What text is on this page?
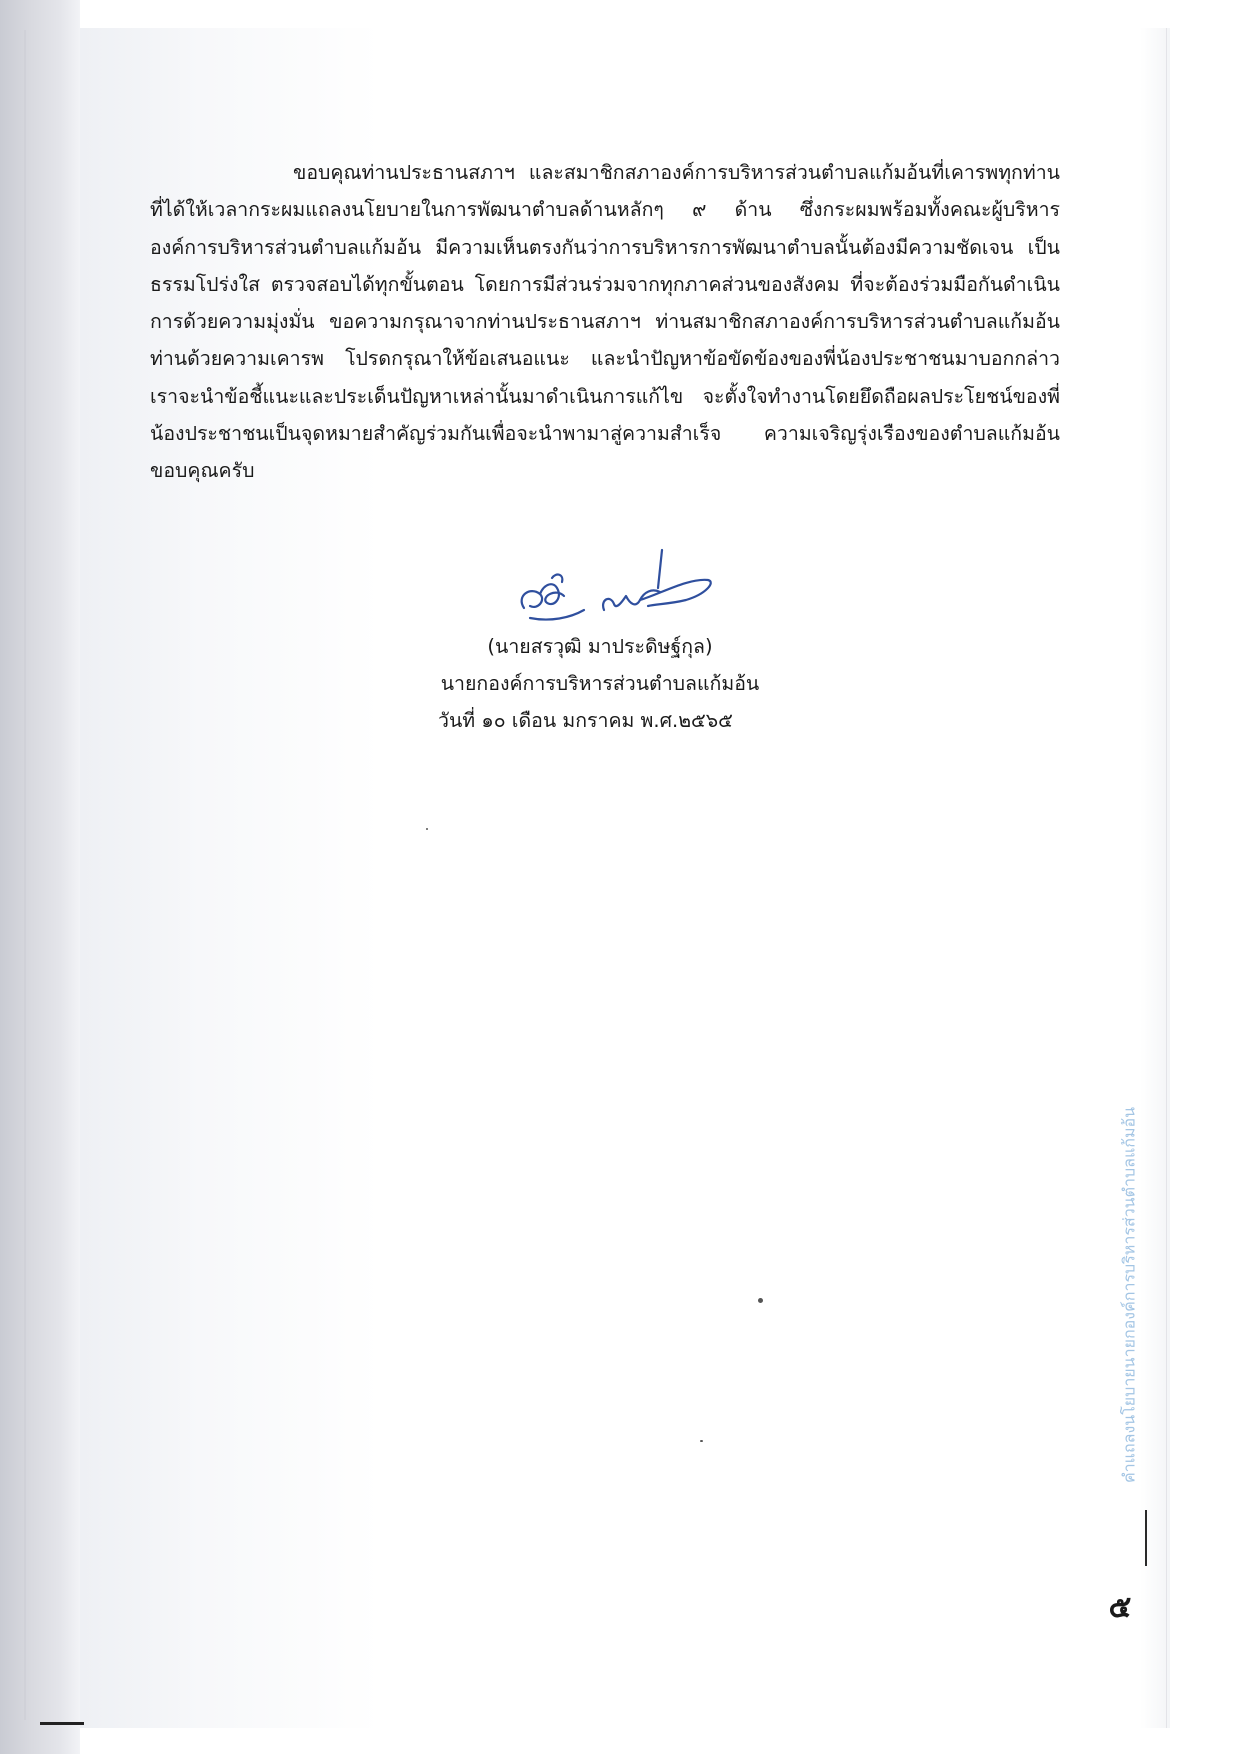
ขอบคุณท่านประธานสภาฯ และสมาชิกสภาองค์การบริหารส่วนตำบลแก้มอ้นที่เคารพทุกท่าน ที่ได้ให้เวลากระผมแถลงนโยบายในการพัฒนาตำบลด้านหลักๆ ๙ ด้าน ซึ่งกระผมพร้อมทั้งคณะผู้บริหารองค์การบริหารส่วนตำบลแก้มอ้น มีความเห็นตรงกันว่าการบริหารการพัฒนาตำบลนั้นต้องมีความชัดเจน เป็นธรรมโปร่งใส ตรวจสอบได้ทุกขั้นตอน โดยการมีส่วนร่วมจากทุกภาคส่วนของสังคม ที่จะต้องร่วมมือกันดำเนินการด้วยความมุ่งมั่น ขอความกรุณาจากท่านประธานสภาฯ ท่านสมาชิกสภาองค์การบริหารส่วนตำบลแก้มอ้นท่านด้วยความเคารพ โปรดกรุณาให้ข้อเสนอแนะ และนำปัญหาข้อขัดข้องของพี่น้องประชาชนมาบอกกล่าว เราจะนำข้อชี้แนะและประเด็นปัญหาเหล่านั้นมาดำเนินการแก้ไข จะตั้งใจทำงานโดยยึดถือผลประโยชน์ของพี่น้องประชาชนเป็นจุดหมายสำคัญร่วมกันเพื่อจะนำพามาสู่ความสำเร็จ ความเจริญรุ่งเรืองของตำบลแก้มอ้น ขอบคุณครับ
(นายสรวุฒิ มาประดิษฐ์กุล)
นายกองค์การบริหารส่วนตำบลแก้มอ้น
วันที่ ๑๐ เดือน มกราคม พ.ศ.๒๕๖๕
คำแถลงนโยบายนายกองค์การบริหารส่วนตำบลแก้มอ้น
๕
